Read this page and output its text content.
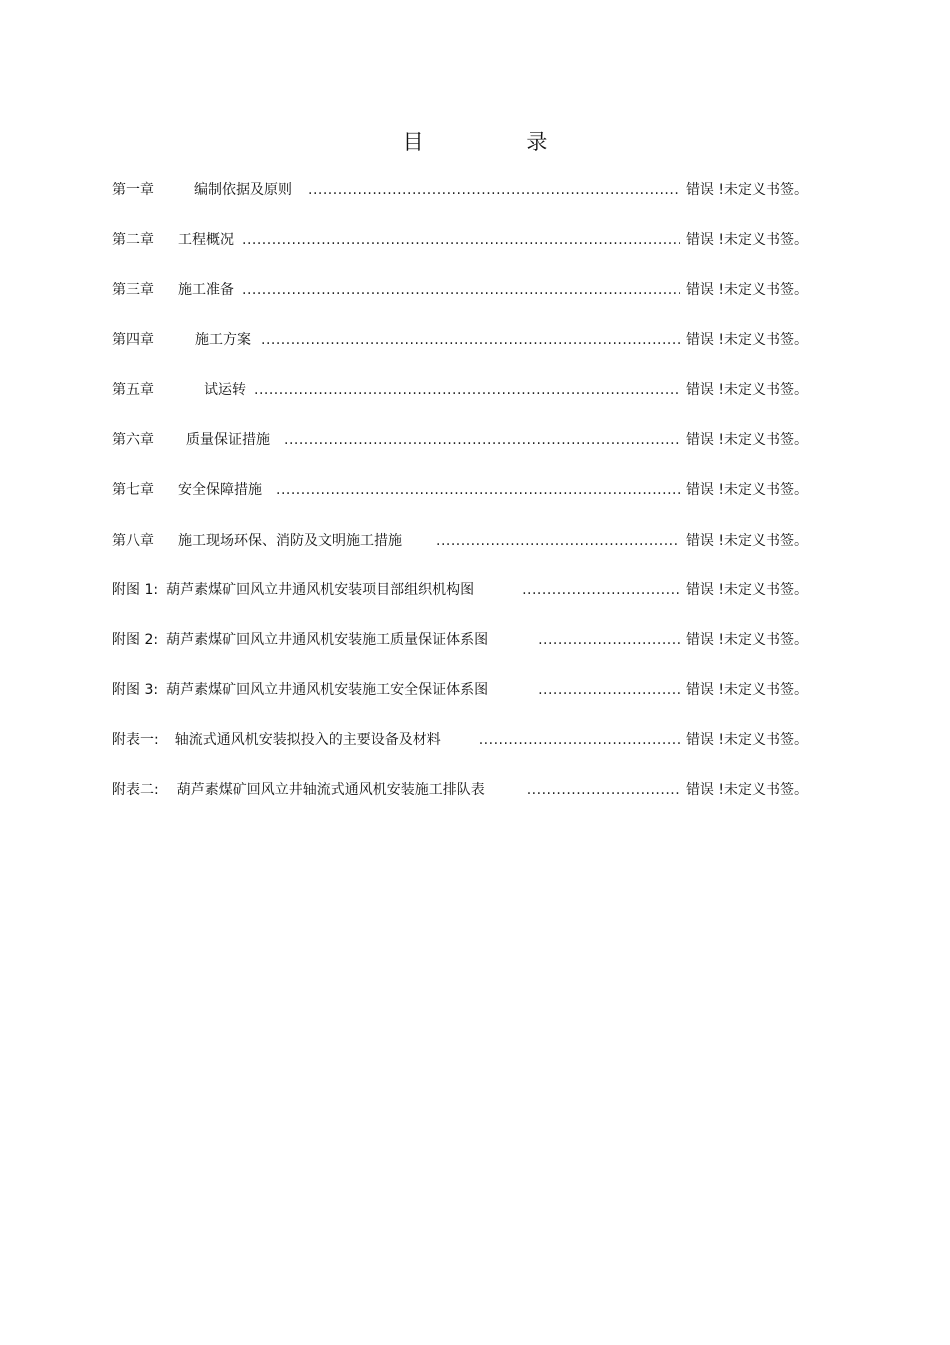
目 录
第一章	编制依据及原则 .....	错误 !未定义书签。
第二章 工程概况 .....	错误 !未定义书签。
第三章 施工准备 .....	错误 !未定义书签。
第四章	施工方案 .....	错误 !未定义书签。
第五章	试运转 .....	错误 !未定义书签。
第六章 质量保证措施 .....	错误 !未定义书签。
第七章 安全保障措施 .....	错误 !未定义书签。
第八章 施工现场环保、消防及文明施工措施 .....	错误 !未定义书签。
附图 1: 葫芦素煤矿回风立井通风机安装项目部组织机构图 .....	错误 !未定义书签。
附图 2: 葫芦素煤矿回风立井通风机安装施工质量保证体系图 .....	错误 !未定义书签。
附图 3: 葫芦素煤矿回风立井通风机安装施工安全保证体系图 .....	错误 !未定义书签。
附表一: 轴流式通风机安装拟投入的主要设备及材料 .....	错误 !未定义书签。
附表二: 葫芦素煤矿回风立井轴流式通风机安装施工排队表 .....	错误 !未定义书签。
